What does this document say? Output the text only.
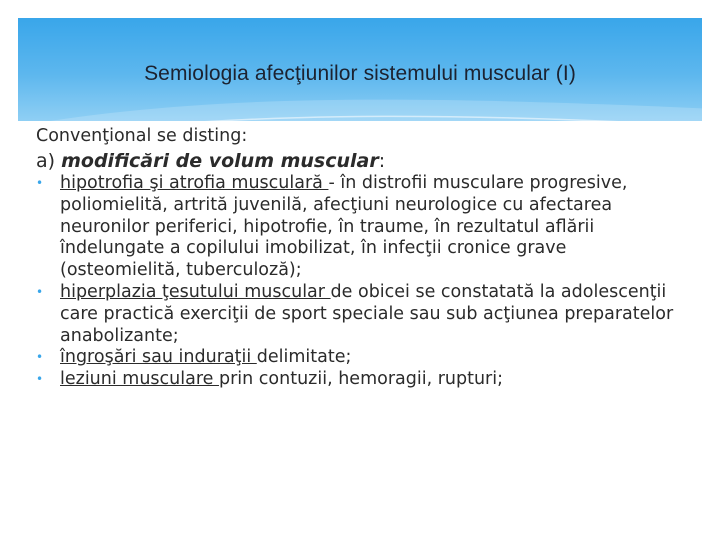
Semiologia afecţiunilor sistemului muscular (I)

Convenţional se disting:

a) modificări de volum muscular:

• hipotrofia şi atrofia musculară - în distrofii musculare progresive, poliomielită, artrită juvenilă, afecţiuni neurologice cu afectarea neuronilor periferici, hipotrofie, în traume, în rezultatul aflării îndelungate a copilului imobilizat, în infecţii cronice grave (osteomielită, tuberculoză);
• hiperplazia ţesutului muscular de obicei se constatată la adolescenţii care practică exerciţii de sport speciale sau sub acţiunea preparatelor anabolizante;
• îngroşări sau induraţii delimitate;
• leziuni musculare prin contuzii, hemoragii, rupturi;
